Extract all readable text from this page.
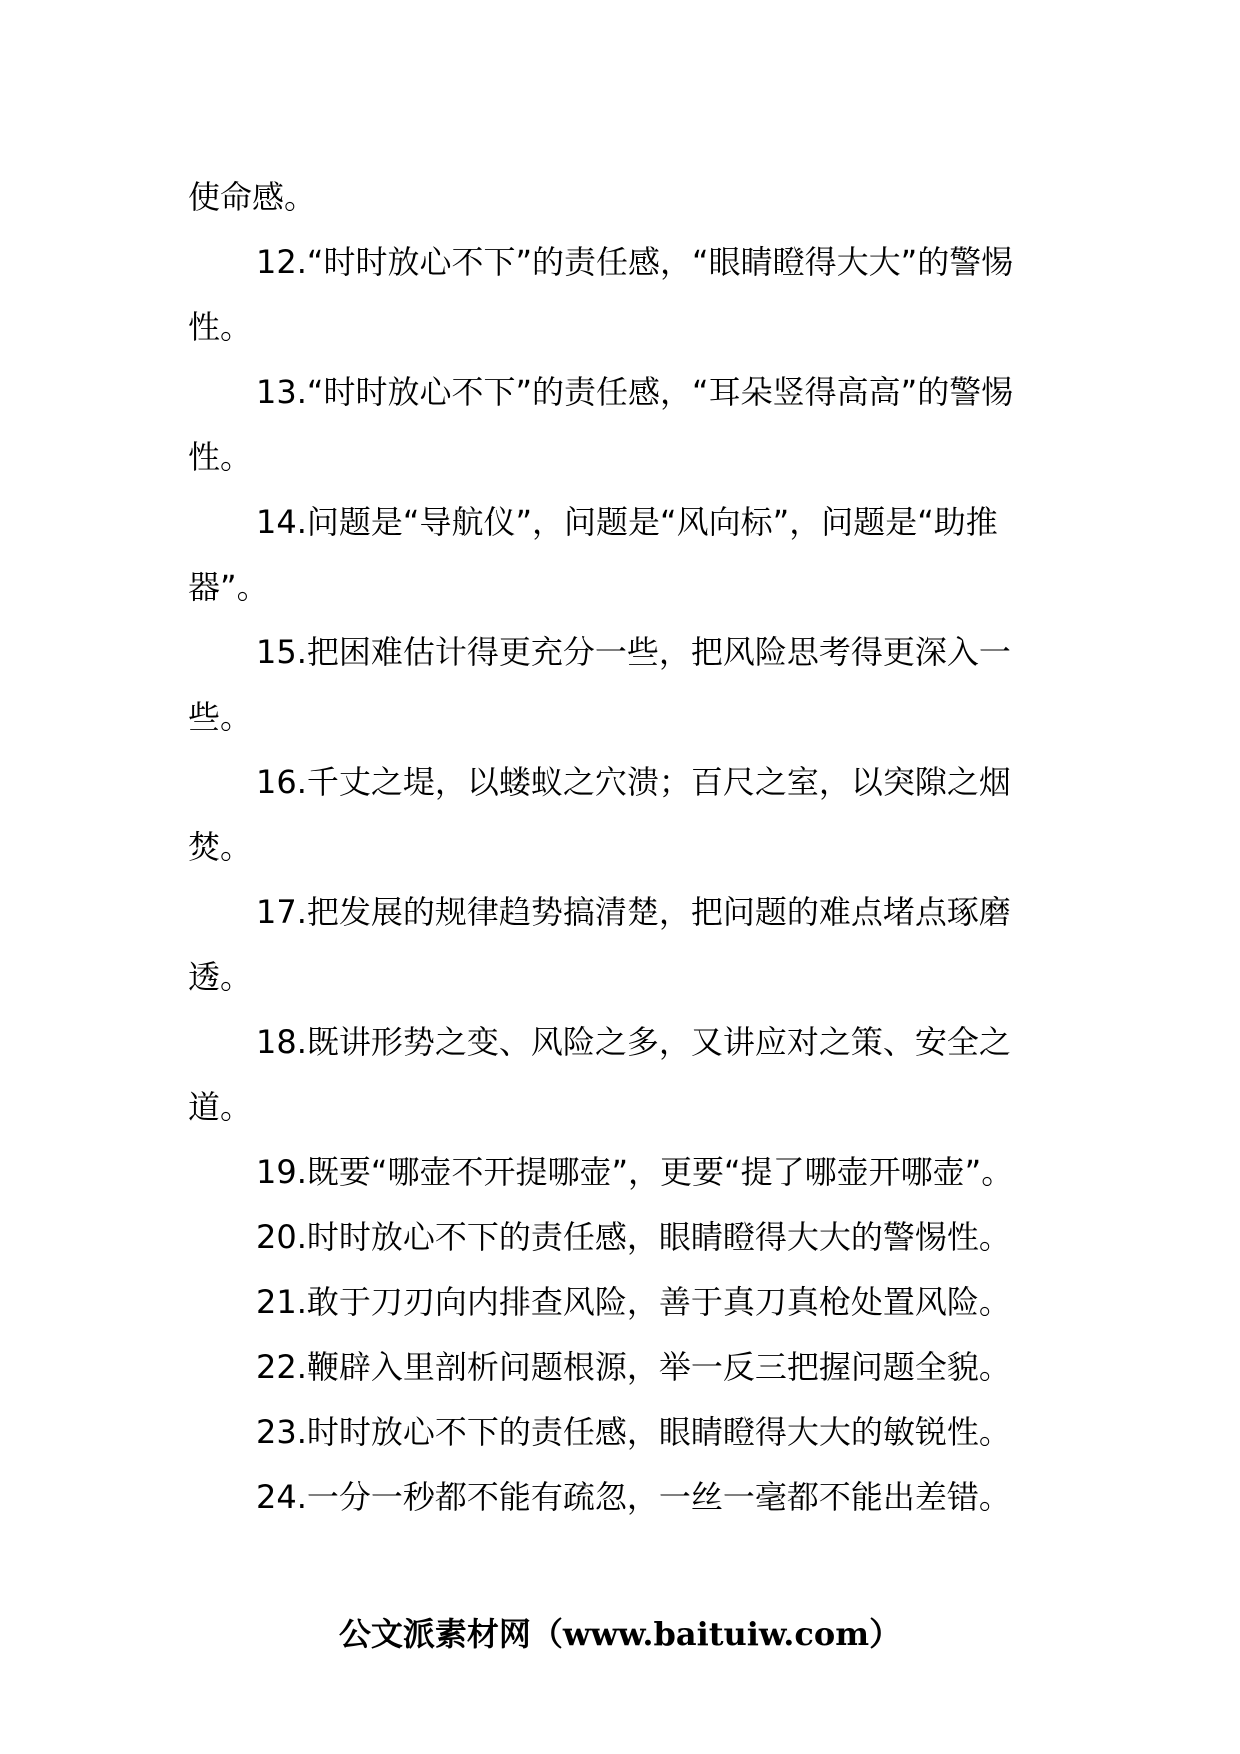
使命感。

12.“时时放心不下”的责任感，“眼睛瞪得大大”的警惕性。

13.“时时放心不下”的责任感，“耳朵竖得高高”的警惕性。

14.问题是“导航仪”，问题是“风向标”，问题是“助推器”。

15.把困难估计得更充分一些，把风险思考得更深入一些。

16.千丈之堤，以蝼蚁之穴溃；百尺之室，以突隙之烟焚。

17.把发展的规律趋势搞清楚，把问题的难点堵点琢磨透。

18.既讲形势之变、风险之多，又讲应对之策、安全之道。

19.既要“哪壶不开提哪壶”，更要“提了哪壶开哪壶”。

20.时时放心不下的责任感，眼睛瞪得大大的警惕性。

21.敢于刀刃向内排查风险，善于真刀真枪处置风险。

22.鞭辟入里剖析问题根源，举一反三把握问题全貌。

23.时时放心不下的责任感，眼睛瞪得大大的敏锐性。

24.一分一秒都不能有疏忽，一丝一毫都不能出差错。

公文派素材网（www.baituiw.com）
